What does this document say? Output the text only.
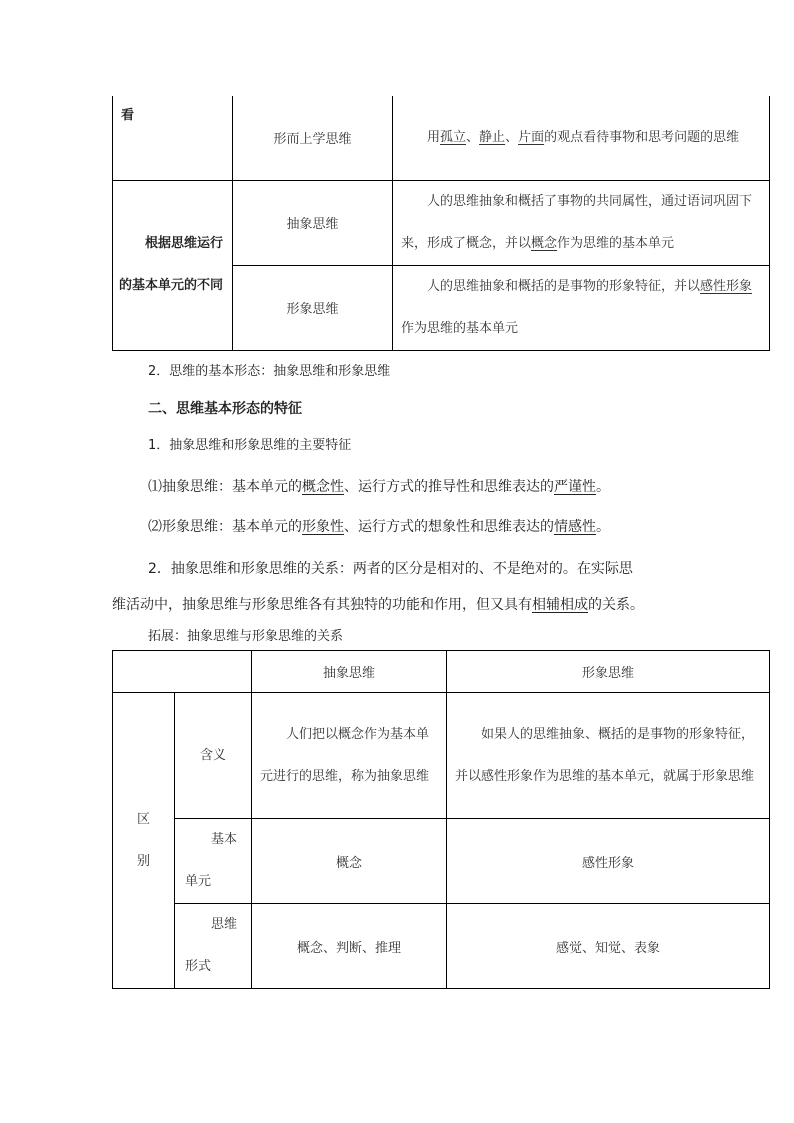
看	形而上学思维	用孤立、静止、片面的观点看待事物和思考问题的思维

根据思维运行的基本单元的不同	抽象思维	人的思维抽象和概括了事物的共同属性，通过语词巩固下来，形成了概念，并以概念作为思维的基本单元
	形象思维	人的思维抽象和概括的是事物的形象特征，并以感性形象作为思维的基本单元
2．思维的基本形态：抽象思维和形象思维
二、思维基本形态的特征
1．抽象思维和形象思维的主要特征
⑴抽象思维：基本单元的概念性、运行方式的推导性和思维表达的严谨性。
⑵形象思维：基本单元的形象性、运行方式的想象性和思维表达的情感性。
2．抽象思维和形象思维的关系：两者的区分是相对的、不是绝对的。在实际思
维活动中，抽象思维与形象思维各有其独特的功能和作用，但又具有相辅相成的关系。
拓展：抽象思维与形象思维的关系
		抽象思维	形象思维

区别	含义	人们把以概念作为基本单元进行的思维，称为抽象思维	如果人的思维抽象、概括的是事物的形象特征，并以感性形象作为思维的基本单元，就属于形象思维

	基本单元	概念	感性形象

	思维形式	概念、判断、推理	感觉、知觉、表象
